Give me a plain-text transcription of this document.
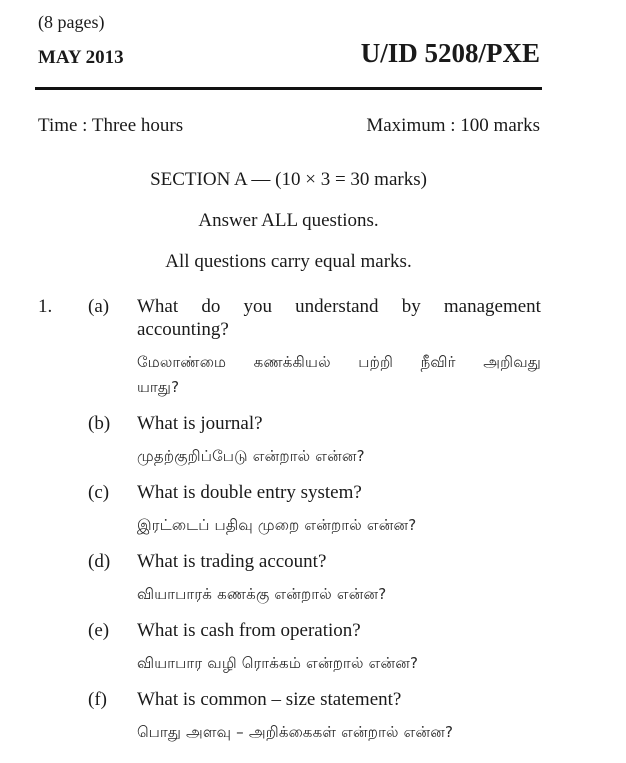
(8 pages)
MAY 2013	U/ID 5208/PXE
Time : Three hours	Maximum : 100 marks
SECTION A — (10 × 3 = 30 marks)
Answer ALL questions.
All questions carry equal marks.
1. (a) What do you understand by management
accounting?
மேலாண்மை கணக்கியல் பற்றி நீவிர் அறிவது
யாது?
(b) What is journal?
முதற்குறிப்பேடு என்றால் என்ன?
(c) What is double entry system?
இரட்டைப் பதிவு முறை என்றால் என்ன?
(d) What is trading account?
வியாபாரக் கணக்கு என்றால் என்ன?
(e) What is cash from operation?
வியாபார வழி ரொக்கம் என்றால் என்ன?
(f) What is common – size statement?
பொது அளவு – அறிக்கைகள் என்றால் என்ன?
